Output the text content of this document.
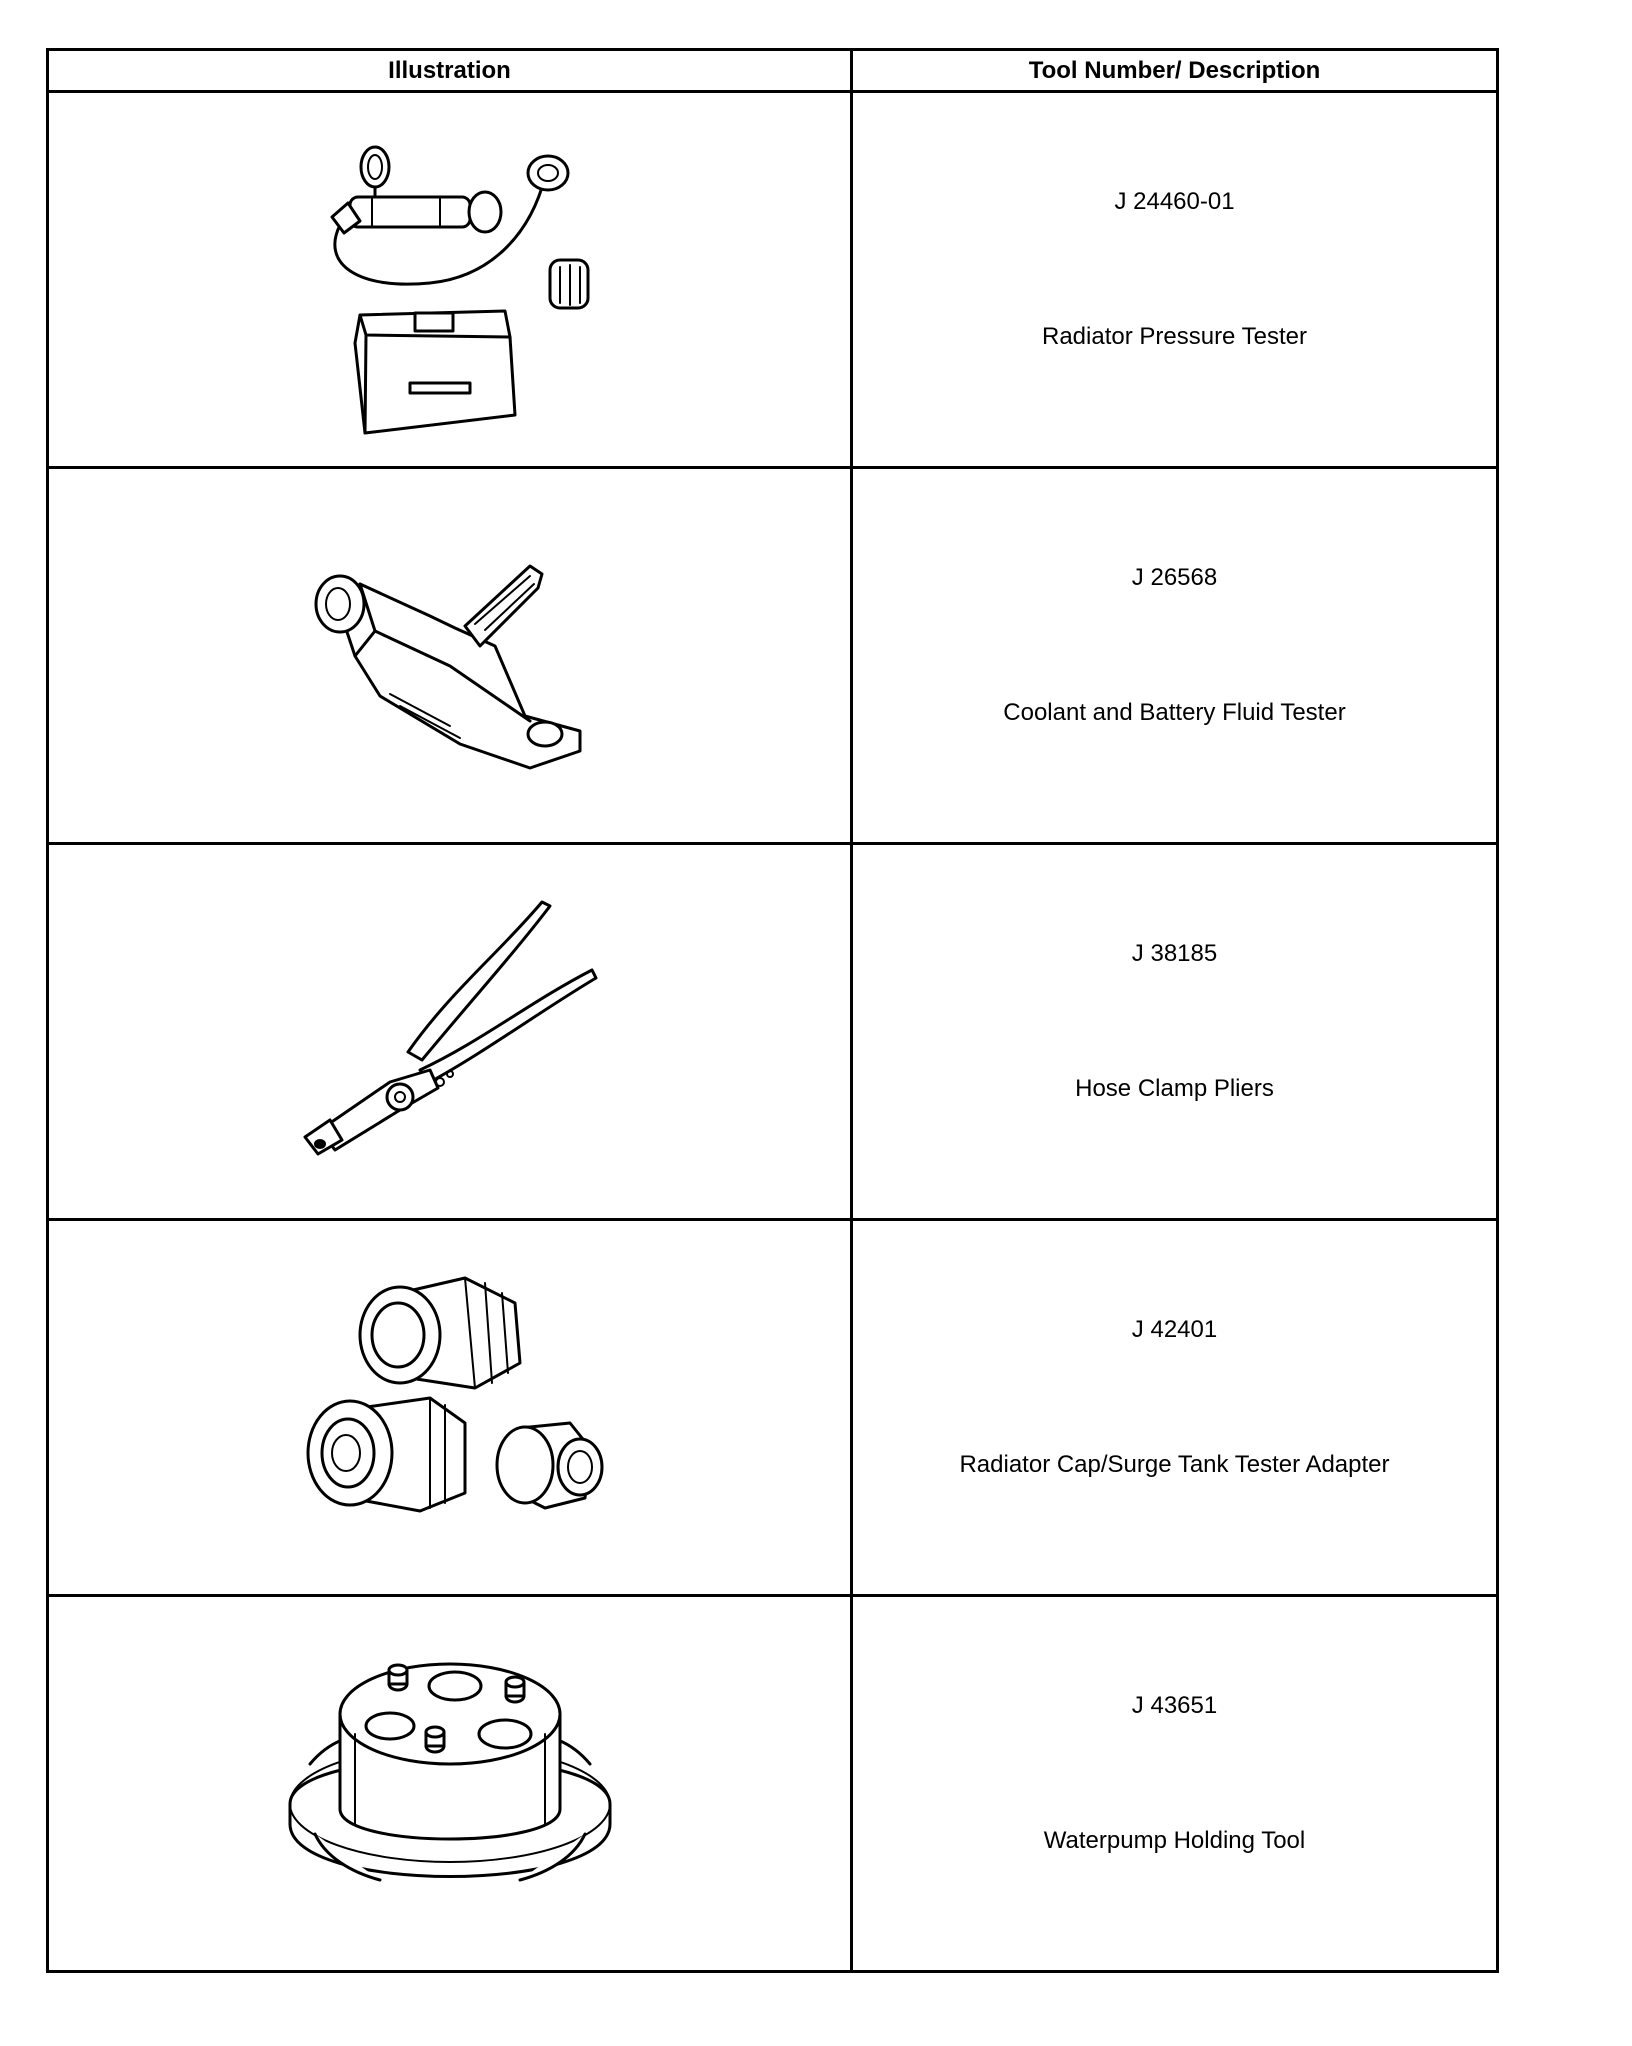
Illustration	Tool Number/ Description

J 24460-01
Radiator Pressure Tester

J 26568
Coolant and Battery Fluid Tester

J 38185
Hose Clamp Pliers

J 42401
Radiator Cap/Surge Tank Tester Adapter

J 43651
Waterpump Holding Tool
